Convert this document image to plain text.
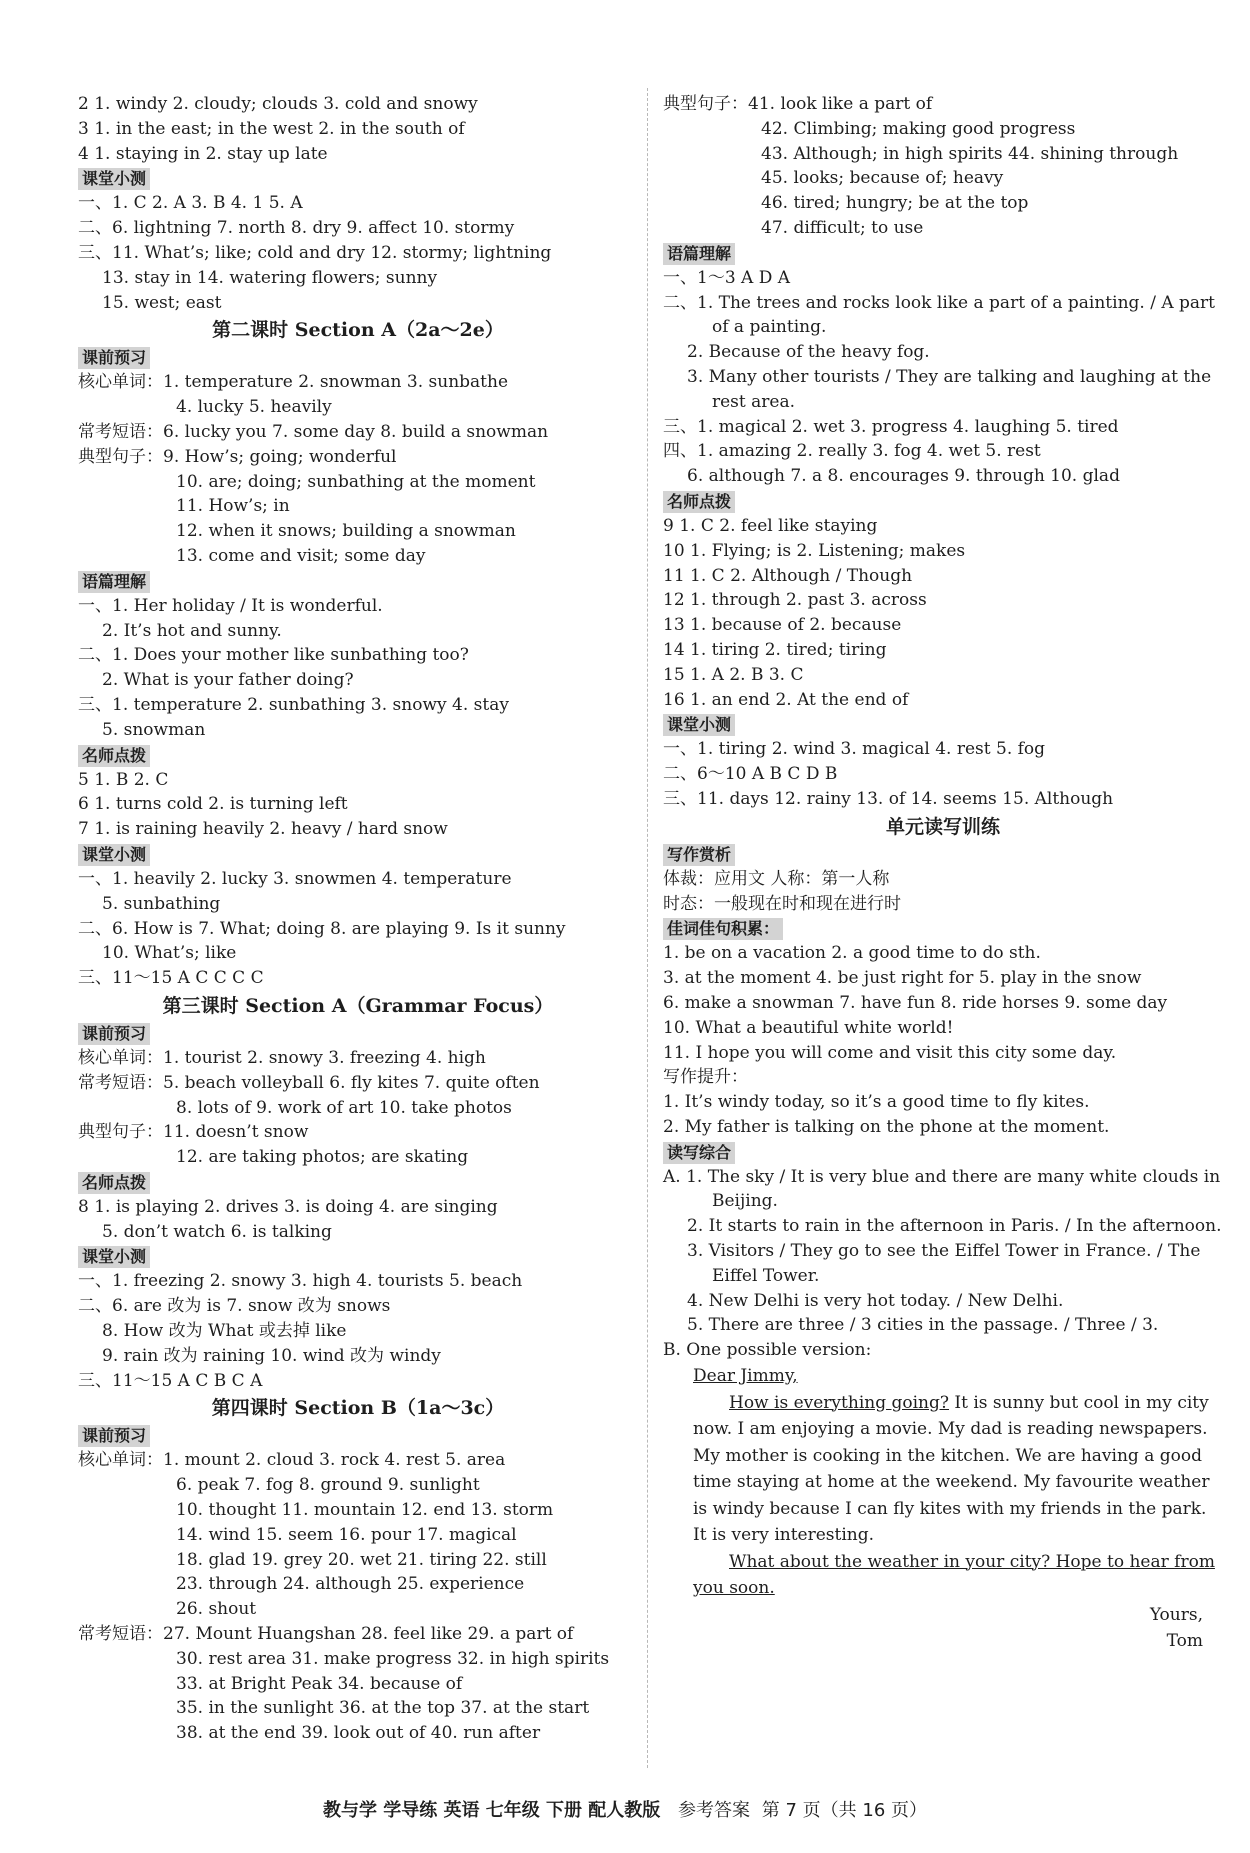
2 1. windy 2. cloudy; clouds 3. cold and snowy
3 1. in the east; in the west 2. in the south of
4 1. staying in 2. stay up late
课堂小测
一、1. C 2. A 3. B 4. 1 5. A
二、6. lightning 7. north 8. dry 9. affect 10. stormy
三、11. What’s; like; cold and dry 12. stormy; lightning
13. stay in 14. watering flowers; sunny
15. west; east
第二课时 Section A（2a～2e）
课前预习
核心单词：1. temperature 2. snowman 3. sunbathe
4. lucky 5. heavily
常考短语：6. lucky you 7. some day 8. build a snowman
典型句子：9. How’s; going; wonderful
10. are; doing; sunbathing at the moment
11. How’s; in
12. when it snows; building a snowman
13. come and visit; some day
语篇理解
一、1. Her holiday / It is wonderful.
2. It’s hot and sunny.
二、1. Does your mother like sunbathing too?
2. What is your father doing?
三、1. temperature 2. sunbathing 3. snowy 4. stay
5. snowman
名师点拨
5 1. B 2. C
6 1. turns cold 2. is turning left
7 1. is raining heavily 2. heavy / hard snow
课堂小测
一、1. heavily 2. lucky 3. snowmen 4. temperature
5. sunbathing
二、6. How is 7. What; doing 8. are playing 9. Is it sunny
10. What’s; like
三、11～15 A C C C C
第三课时 Section A（Grammar Focus）
课前预习
核心单词：1. tourist 2. snowy 3. freezing 4. high
常考短语：5. beach volleyball 6. fly kites 7. quite often
8. lots of 9. work of art 10. take photos
典型句子：11. doesn’t snow
12. are taking photos; are skating
名师点拨
8 1. is playing 2. drives 3. is doing 4. are singing
5. don’t watch 6. is talking
课堂小测
一、1. freezing 2. snowy 3. high 4. tourists 5. beach
二、6. are 改为 is 7. snow 改为 snows
8. How 改为 What 或去掉 like
9. rain 改为 raining 10. wind 改为 windy
三、11～15 A C B C A
第四课时 Section B（1a～3c）
课前预习
核心单词：1. mount 2. cloud 3. rock 4. rest 5. area
6. peak 7. fog 8. ground 9. sunlight
10. thought 11. mountain 12. end 13. storm
14. wind 15. seem 16. pour 17. magical
18. glad 19. grey 20. wet 21. tiring 22. still
23. through 24. although 25. experience
26. shout
常考短语：27. Mount Huangshan 28. feel like 29. a part of
30. rest area 31. make progress 32. in high spirits
33. at Bright Peak 34. because of
35. in the sunlight 36. at the top 37. at the start
38. at the end 39. look out of 40. run after
典型句子：41. look like a part of
42. Climbing; making good progress
43. Although; in high spirits 44. shining through
45. looks; because of; heavy
46. tired; hungry; be at the top
47. difficult; to use
语篇理解
一、1～3 A D A
二、1. The trees and rocks look like a part of a painting. / A part
of a painting.
2. Because of the heavy fog.
3. Many other tourists / They are talking and laughing at the
rest area.
三、1. magical 2. wet 3. progress 4. laughing 5. tired
四、1. amazing 2. really 3. fog 4. wet 5. rest
6. although 7. a 8. encourages 9. through 10. glad
名师点拨
9 1. C 2. feel like staying
10 1. Flying; is 2. Listening; makes
11 1. C 2. Although / Though
12 1. through 2. past 3. across
13 1. because of 2. because
14 1. tiring 2. tired; tiring
15 1. A 2. B 3. C
16 1. an end 2. At the end of
课堂小测
一、1. tiring 2. wind 3. magical 4. rest 5. fog
二、6～10 A B C D B
三、11. days 12. rainy 13. of 14. seems 15. Although
单元读写训练
写作赏析
体裁：应用文 人称：第一人称
时态：一般现在时和现在进行时
佳词佳句积累：
1. be on a vacation 2. a good time to do sth.
3. at the moment 4. be just right for 5. play in the snow
6. make a snowman 7. have fun 8. ride horses 9. some day
10. What a beautiful white world!
11. I hope you will come and visit this city some day.
写作提升：
1. It’s windy today, so it’s a good time to fly kites.
2. My father is talking on the phone at the moment.
读写综合
A. 1. The sky / It is very blue and there are many white clouds in
Beijing.
2. It starts to rain in the afternoon in Paris. / In the afternoon.
3. Visitors / They go to see the Eiffel Tower in France. / The
Eiffel Tower.
4. New Delhi is very hot today. / New Delhi.
5. There are three / 3 cities in the passage. / Three / 3.
B. One possible version:

Dear Jimmy,

How is everything going? It is sunny but cool in my city now. I am enjoying a movie. My dad is reading newspapers. My mother is cooking in the kitchen. We are having a good time staying at home at the weekend. My favourite weather is windy because I can fly kites with my friends in the park. It is very interesting.

What about the weather in your city? Hope to hear from you soon.

Yours,
Tom
教与学 学导练 英语 七年级 下册 配人教版 参考答案 第 7 页（共 16 页）
